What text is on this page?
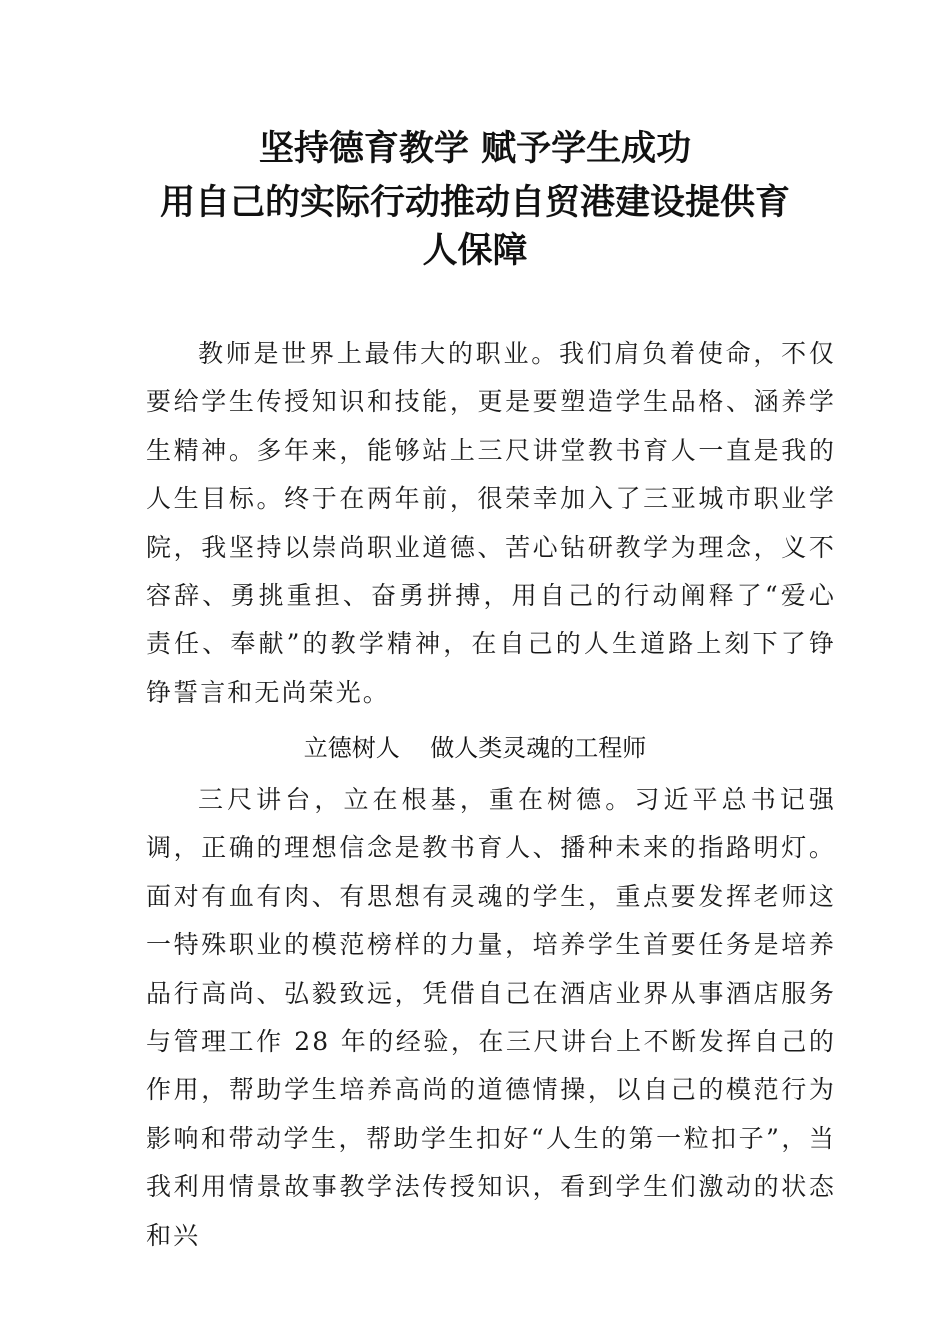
坚持德育教学 赋予学生成功
用自己的实际行动推动自贸港建设提供育
人保障

教师是世界上最伟大的职业。我们肩负着使命，不仅要给学生传授知识和技能，更是要塑造学生品格、涵养学生精神。多年来，能够站上三尺讲堂教书育人一直是我的人生目标。终于在两年前，很荣幸加入了三亚城市职业学院，我坚持以崇尚职业道德、苦心钻研教学为理念，义不容辞、勇挑重担、奋勇拼搏，用自己的行动阐释了“爱心责任、奉献”的教学精神，在自己的人生道路上刻下了铮铮誓言和无尚荣光。

立德树人    做人类灵魂的工程师

三尺讲台，立在根基，重在树德。习近平总书记强调，正确的理想信念是教书育人、播种未来的指路明灯。面对有血有肉、有思想有灵魂的学生，重点要发挥老师这一特殊职业的模范榜样的力量，培养学生首要任务是培养品行高尚、弘毅致远，凭借自己在酒店业界从事酒店服务与管理工作 28 年的经验，在三尺讲台上不断发挥自己的作用，帮助学生培养高尚的道德情操，以自己的模范行为影响和带动学生，帮助学生扣好“人生的第一粒扣子”，当我利用情景故事教学法传授知识，看到学生们激动的状态和兴
